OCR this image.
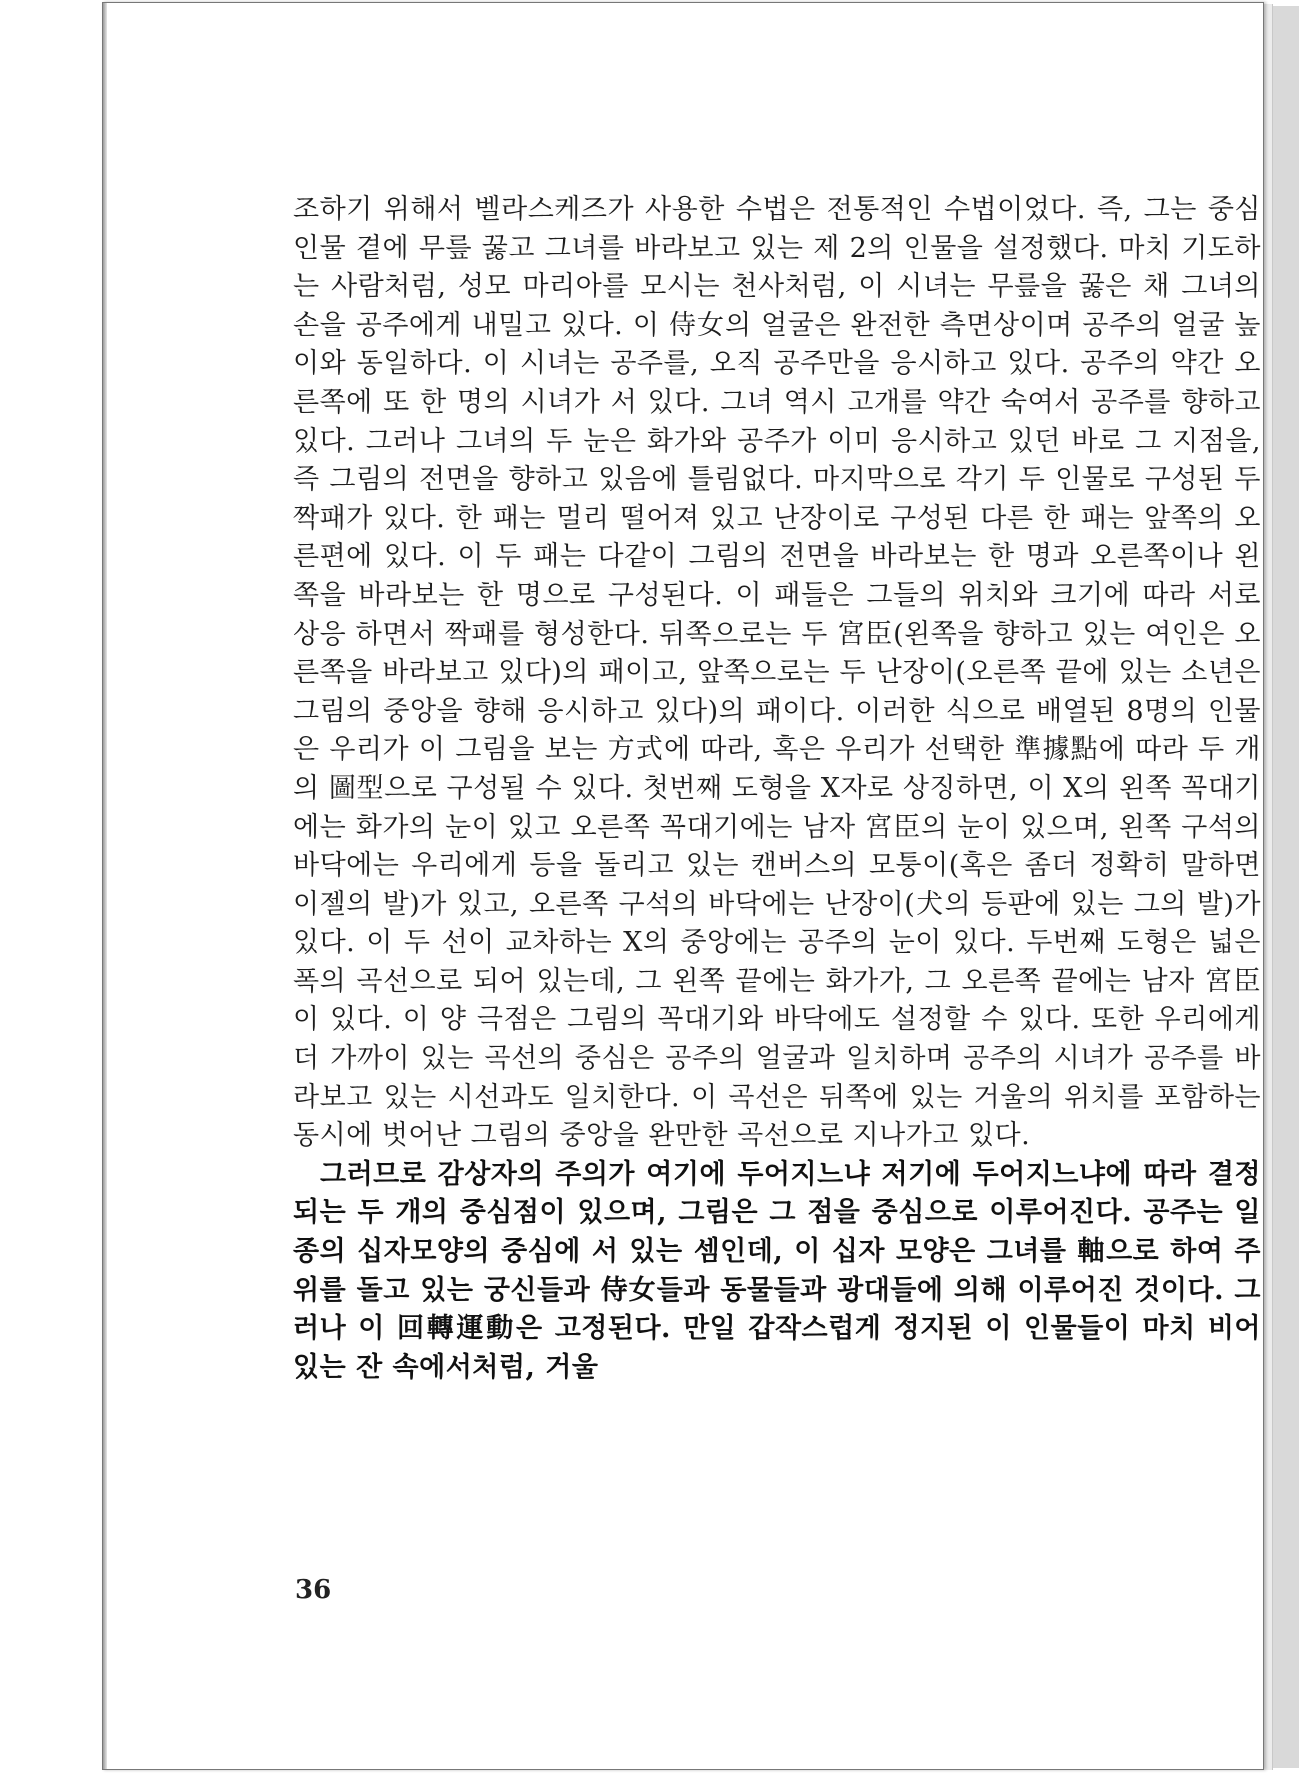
조하기 위해서 벨라스케즈가 사용한 수법은 전통적인 수법이었다. 즉, 그는 중심 인물 곁에 무릎 꿇고 그녀를 바라보고 있는 제 2의 인물을 설정했다. 마치 기도하는 사람처럼, 성모 마리아를 모시는 천사처럼, 이 시녀는 무릎을 꿇은 채 그녀의 손을 공주에게 내밀고 있다. 이 侍女의 얼굴은 완전한 측면상이며 공주의 얼굴 높이와 동일하다. 이 시녀는 공주를, 오직 공주만을 응시하고 있다. 공주의 약간 오른쪽에 또 한 명의 시녀가 서 있다. 그녀 역시 고개를 약간 숙여서 공주를 향하고 있다. 그러나 그녀의 두 눈은 화가와 공주가 이미 응시하고 있던 바로 그 지점을, 즉 그림의 전면을 향하고 있음에 틀림없다. 마지막으로 각기 두 인물로 구성된 두 짝패가 있다. 한 패는 멀리 떨어져 있고 난장이로 구성된 다른 한 패는 앞쪽의 오른편에 있다. 이 두 패는 다같이 그림의 전면을 바라보는 한 명과 오른쪽이나 왼쪽을 바라보는 한 명으로 구성된다. 이 패들은 그들의 위치와 크기에 따라 서로 상응 하면서 짝패를 형성한다. 뒤쪽으로는 두 宮臣(왼쪽을 향하고 있는 여인은 오른쪽을 바라보고 있다)의 패이고, 앞쪽으로는 두 난장이(오른쪽 끝에 있는 소년은 그림의 중앙을 향해 응시하고 있다)의 패이다. 이러한 식으로 배열된 8명의 인물은 우리가 이 그림을 보는 方式에 따라, 혹은 우리가 선택한 準據點에 따라 두 개의 圖型으로 구성될 수 있다. 첫번째 도형을 X자로 상징하면, 이 X의 왼쪽 꼭대기에는 화가의 눈이 있고 오른쪽 꼭대기에는 남자 宮臣의 눈이 있으며, 왼쪽 구석의 바닥에는 우리에게 등을 돌리고 있는 캔버스의 모퉁이(혹은 좀더 정확히 말하면 이젤의 발)가 있고, 오른쪽 구석의 바닥에는 난장이(犬의 등판에 있는 그의 발)가 있다. 이 두 선이 교차하는 X의 중앙에는 공주의 눈이 있다. 두번째 도형은 넓은 폭의 곡선으로 되어 있는데, 그 왼쪽 끝에는 화가가, 그 오른쪽 끝에는 남자 宮臣이 있다. 이 양 극점은 그림의 꼭대기와 바닥에도 설정할 수 있다. 또한 우리에게 더 가까이 있는 곡선의 중심은 공주의 얼굴과 일치하며 공주의 시녀가 공주를 바라보고 있는 시선과도 일치한다. 이 곡선은 뒤쪽에 있는 거울의 위치를 포함하는 동시에 벗어난 그림의 중앙을 완만한 곡선으로 지나가고 있다.

그러므로 감상자의 주의가 여기에 두어지느냐 저기에 두어지느냐에 따라 결정되는 두 개의 중심점이 있으며, 그림은 그 점을 중심으로 이루어진다. 공주는 일종의 십자모양의 중심에 서 있는 셈인데, 이 십자 모양은 그녀를 軸으로 하여 주위를 돌고 있는 궁신들과 侍女들과 동물들과 광대들에 의해 이루어진 것이다. 그러나 이 回轉運動은 고정된다. 만일 갑작스럽게 정지된 이 인물들이 마치 비어 있는 잔 속에서처럼, 거울

36
